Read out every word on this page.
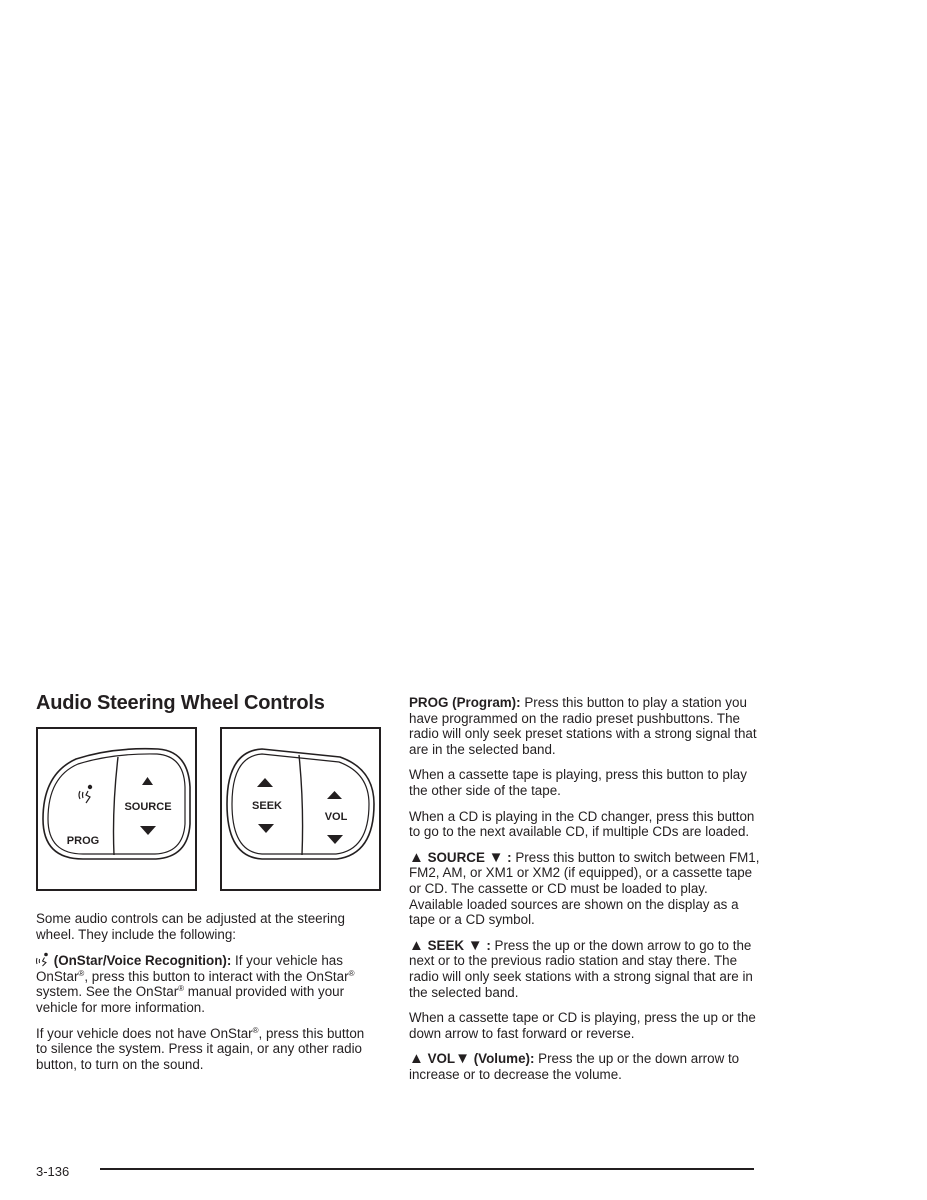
Audio Steering Wheel Controls
SOURCE
PROG
SEEK
VOL

Some audio controls can be adjusted at the steering wheel. They include the following:

(OnStar/Voice Recognition): If your vehicle has OnStar®, press this button to interact with the OnStar® system. See the OnStar® manual provided with your vehicle for more information.

If your vehicle does not have OnStar®, press this button to silence the system. Press it again, or any other radio button, to turn on the sound.

PROG (Program): Press this button to play a station you have programmed on the radio preset pushbuttons. The radio will only seek preset stations with a strong signal that are in the selected band.

When a cassette tape is playing, press this button to play the other side of the tape.

When a CD is playing in the CD changer, press this button to go to the next available CD, if multiple CDs are loaded.

▲ SOURCE ▼ : Press this button to switch between FM1, FM2, AM, or XM1 or XM2 (if equipped), or a cassette tape or CD. The cassette or CD must be loaded to play. Available loaded sources are shown on the display as a tape or a CD symbol.

▲ SEEK ▼ : Press the up or the down arrow to go to the next or to the previous radio station and stay there. The radio will only seek stations with a strong signal that are in the selected band.

When a cassette tape or CD is playing, press the up or the down arrow to fast forward or reverse.

▲ VOL▼ (Volume): Press the up or the down arrow to increase or to decrease the volume.

3-136
